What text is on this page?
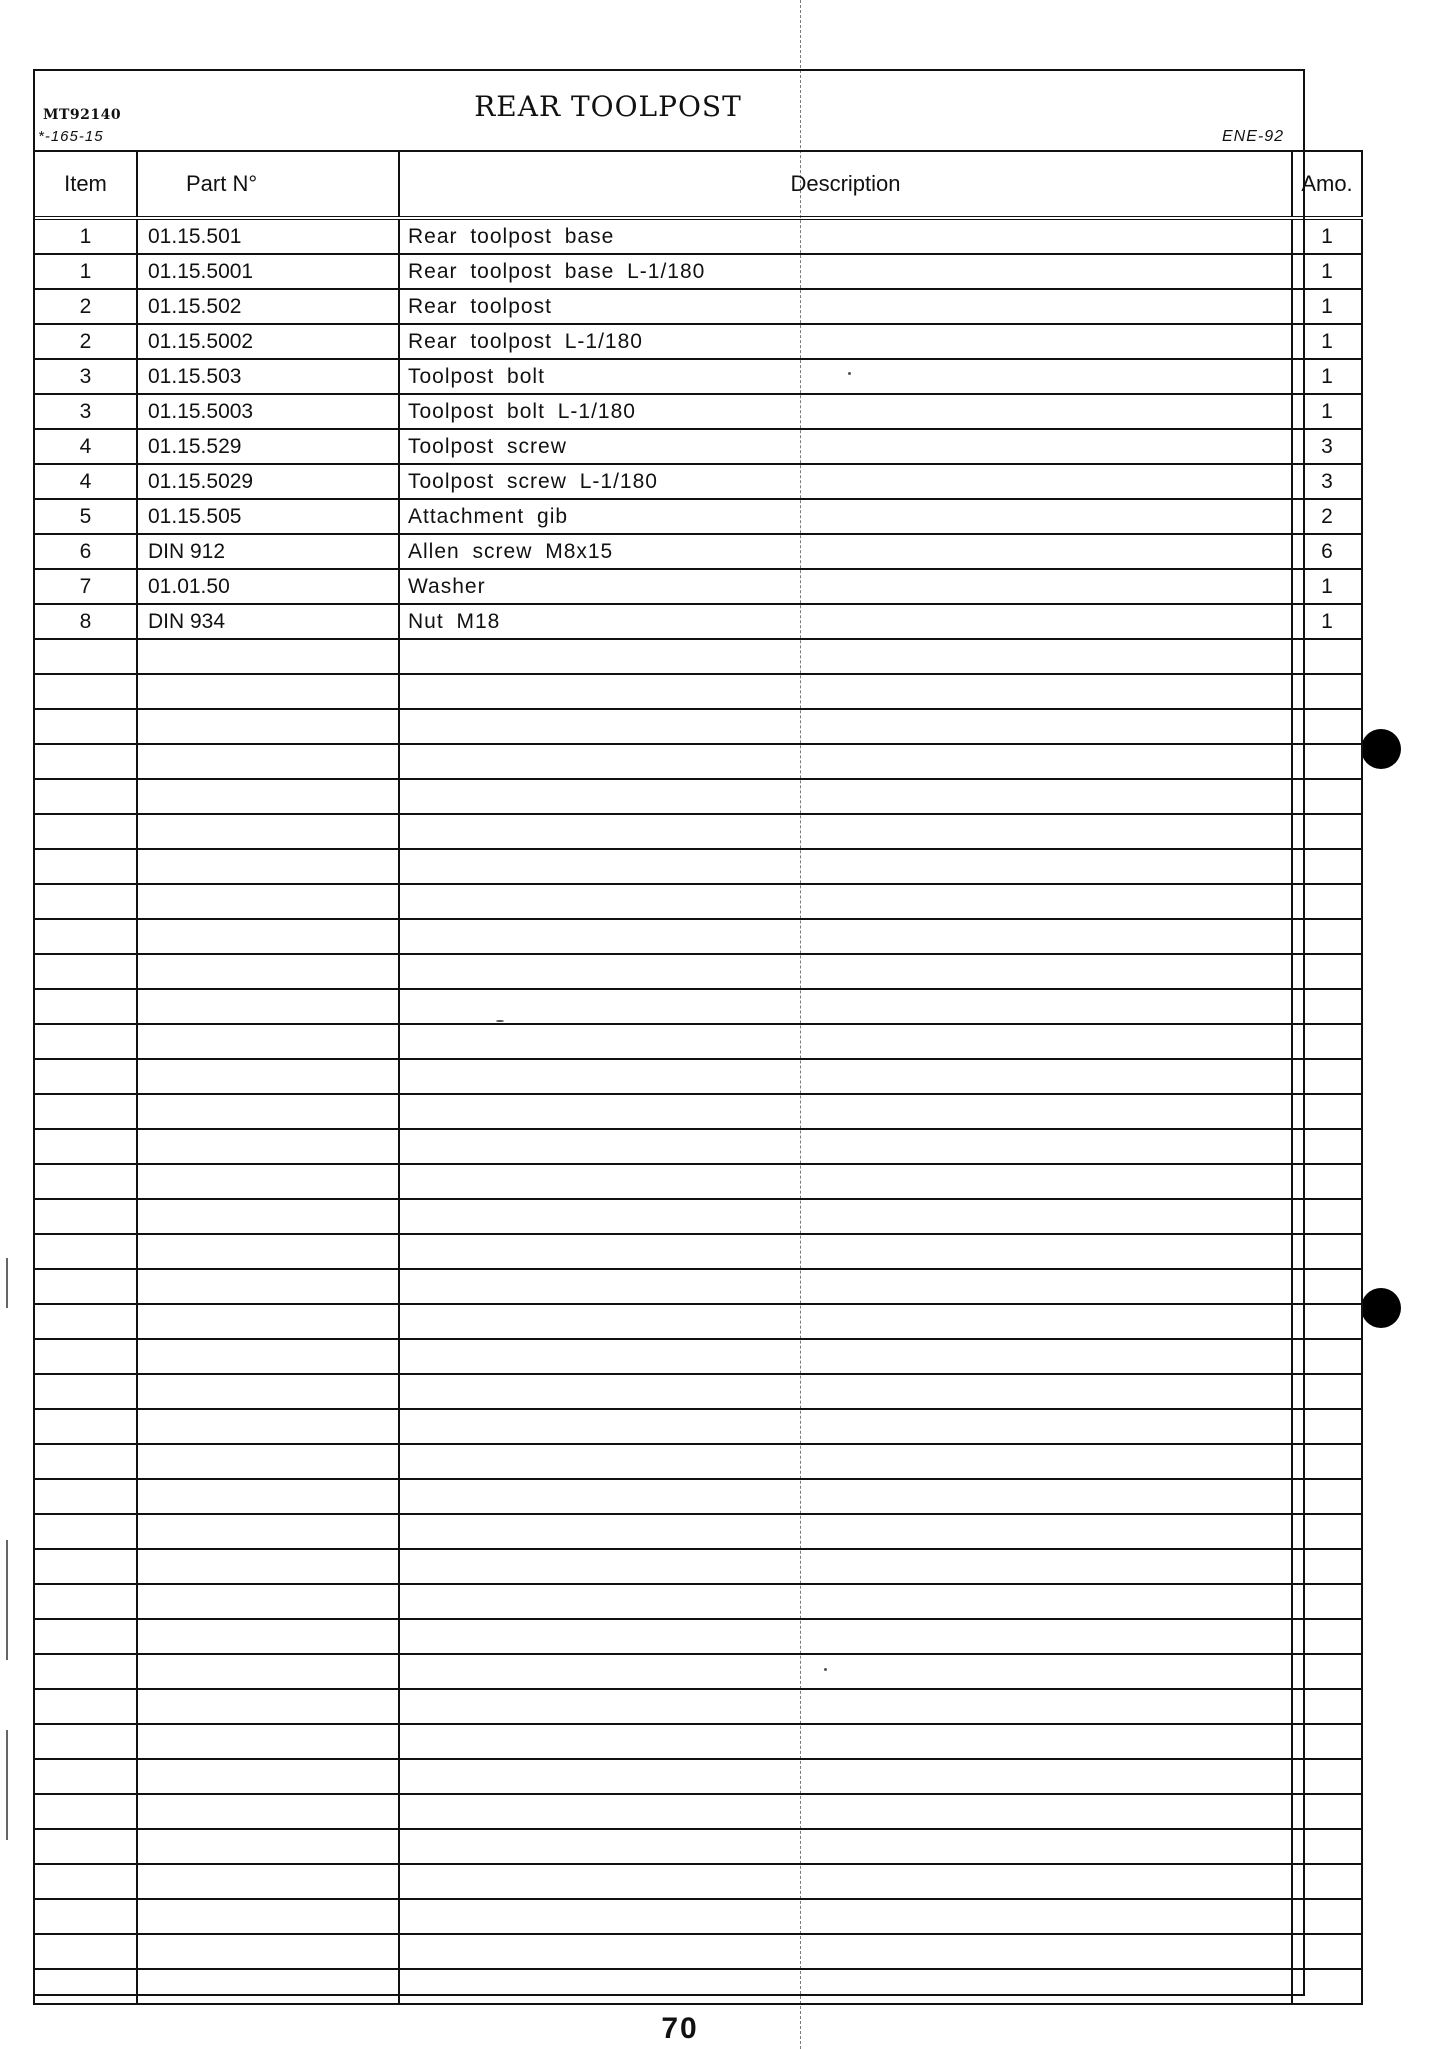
MT92140
*-165-15
REAR TOOLPOST
ENE-92
Item	Part N°	Description	Amo.
1	01.15.501	Rear toolpost base	1
1	01.15.5001	Rear toolpost base L-1/180	1
2	01.15.502	Rear toolpost	1
2	01.15.5002	Rear toolpost L-1/180	1
3	01.15.503	Toolpost bolt	1
3	01.15.5003	Toolpost bolt L-1/180	1
4	01.15.529	Toolpost screw	3
4	01.15.5029	Toolpost screw L-1/180	3
5	01.15.505	Attachment gib	2
6	DIN 912	Allen screw M8x15	6
7	01.01.50	Washer	1
8	DIN 934	Nut M18	1

70
